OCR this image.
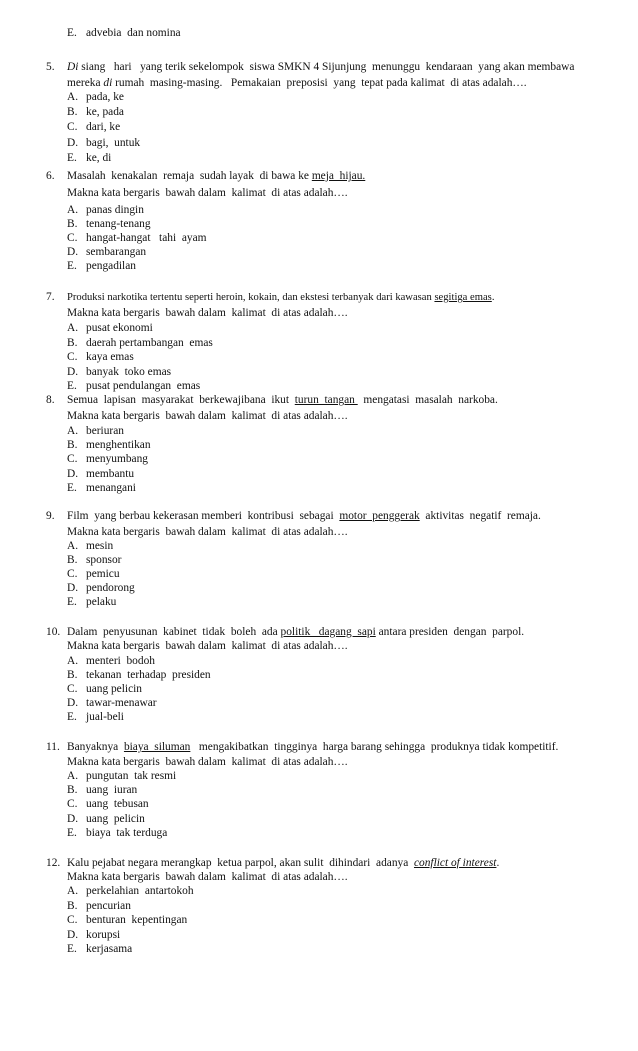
E. advebia  dan nomina
5. Di siang   hari   yang terik sekelompok  siswa SMKN 4 Sijunjung  menunggu  kendaraan  yang akan membawa
mereka di rumah  masing-masing.   Pemakaian  preposisi  yang  tepat pada kalimat  di atas adalah….
A. pada, ke
B. ke, pada
C. dari, ke
D. bagi,  untuk
E. ke, di
6. Masalah  kenakalan  remaja  sudah layak  di bawa ke meja  hijau.
Makna kata bergaris  bawah dalam  kalimat  di atas adalah….
A. panas dingin
B. tenang-tenang
C. hangat-hangat   tahi  ayam
D. sembarangan
E. pengadilan
7. Produksi narkotika tertentu seperti heroin, kokain, dan ekstesi terbanyak dari kawasan segitiga emas.
Makna kata bergaris  bawah dalam  kalimat  di atas adalah….
A. pusat ekonomi
B. daerah pertambangan  emas
C. kaya emas
D. banyak  toko emas
E. pusat pendulangan  emas
8. Semua  lapisan  masyarakat  berkewajibana  ikut  turun  tangan   mengatasi  masalah  narkoba.
Makna kata bergaris  bawah dalam  kalimat  di atas adalah….
A. beriuran
B. menghentikan
C. menyumbang
D. membantu
E. menangani
9. Film  yang berbau kekerasan memberi  kontribusi  sebagai  motor  penggerak  aktivitas  negatif  remaja.
Makna kata bergaris  bawah dalam  kalimat  di atas adalah….
A. mesin
B. sponsor
C. pemicu
D. pendorong
E. pelaku
10. Dalam  penyusunan  kabinet  tidak  boleh  ada politik   dagang  sapi antara presiden  dengan  parpol.
Makna kata bergaris  bawah dalam  kalimat  di atas adalah….
A. menteri  bodoh
B. tekanan  terhadap  presiden
C. uang pelicin
D. tawar-menawar
E. jual-beli
11. Banyaknya  biaya  siluman   mengakibatkan  tingginya  harga barang sehingga  produknya tidak kompetitif.
Makna kata bergaris  bawah dalam  kalimat  di atas adalah….
A. pungutan  tak resmi
B. uang  iuran
C. uang  tebusan
D. uang  pelicin
E. biaya  tak terduga
12. Kalu pejabat negara merangkap  ketua parpol, akan sulit  dihindari  adanya  conflict of interest.
Makna kata bergaris  bawah dalam  kalimat  di atas adalah….
A. perkelahian  antartokoh
B. pencurian
C. benturan  kepentingan
D. korupsi
E. kerjasama
